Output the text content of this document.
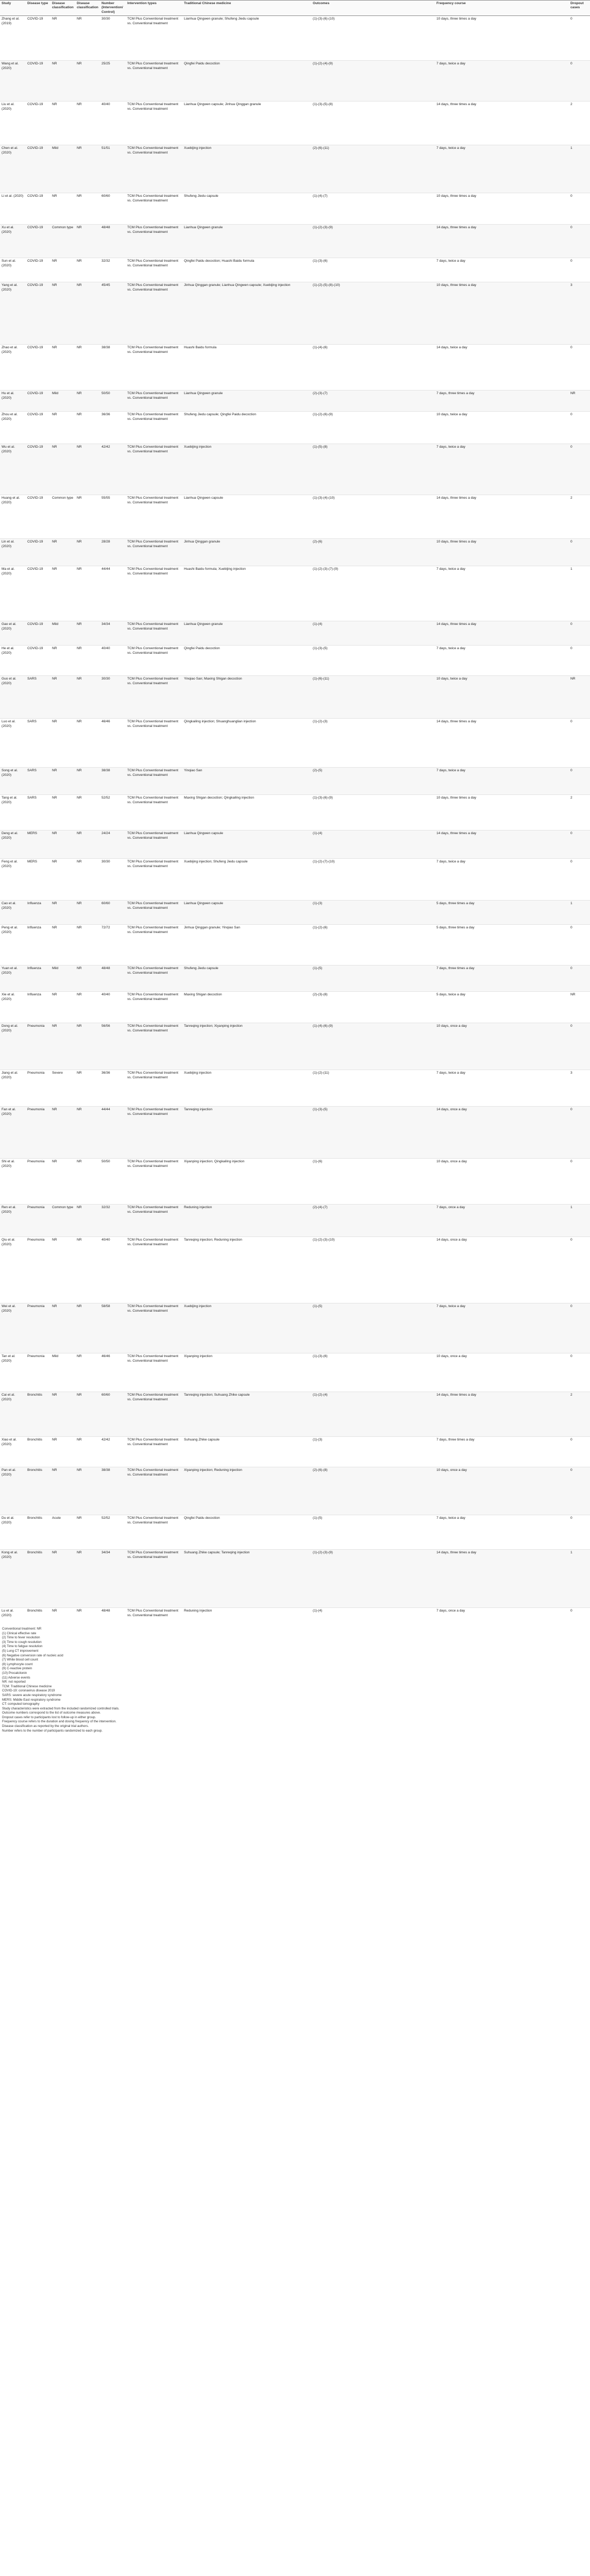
Study	Disease type	Disease classification	Disease classification	Number (Intervention/Control)	Intervention types	Traditional Chinese medicine	Outcomes	Frequency course	Dropout cases
Zhang et al. (2019)	COVID-19	NR	NR	30/30	TCM Plus Conventional treatment vs. Conventional treatment	Lianhua Qingwen granule; Shufeng Jiedu capsule	(1)-(3)-(6)-(10)	10 days, three times a day	0
Wang et al. (2020)	COVID-19	NR	NR	25/25	TCM Plus Conventional treatment vs. Conventional treatment	Qingfei Paidu decoction	(1)-(2)-(4)-(9)	7 days, twice a day	0
Liu et al. (2020)	COVID-19	NR	NR	40/40	TCM Plus Conventional treatment vs. Conventional treatment	Lianhua Qingwen capsule; Jinhua Qinggan granule	(1)-(3)-(5)-(8)	14 days, three times a day	2
Chen et al. (2020)	COVID-19	Mild	NR	51/51	TCM Plus Conventional treatment vs. Conventional treatment	Xuebijing injection	(2)-(6)-(11)	7 days, twice a day	1
Li et al. (2020)	COVID-19	NR	NR	60/60	TCM Plus Conventional treatment vs. Conventional treatment	Shufeng Jiedu capsule	(1)-(4)-(7)	10 days, three times a day	0
Xu et al. (2020)	COVID-19	Common type	NR	48/48	TCM Plus Conventional treatment vs. Conventional treatment	Lianhua Qingwen granule	(1)-(2)-(3)-(9)	14 days, three times a day	0
Sun et al. (2020)	COVID-19	NR	NR	32/32	TCM Plus Conventional treatment vs. Conventional treatment	Qingfei Paidu decoction; Huashi Baidu formula	(1)-(3)-(6)	7 days, twice a day	0
Yang et al. (2020)	COVID-19	NR	NR	45/45	TCM Plus Conventional treatment vs. Conventional treatment	Jinhua Qinggan granule; Lianhua Qingwen capsule; Xuebijing injection	(1)-(2)-(5)-(8)-(10)	10 days, three times a day	3
Zhao et al. (2020)	COVID-19	NR	NR	38/38	TCM Plus Conventional treatment vs. Conventional treatment	Huashi Baidu formula	(1)-(4)-(6)	14 days, twice a day	0
Hu et al. (2020)	COVID-19	Mild	NR	50/50	TCM Plus Conventional treatment vs. Conventional treatment	Lianhua Qingwen granule	(2)-(3)-(7)	7 days, three times a day	NR
Zhou et al. (2020)	COVID-19	NR	NR	36/36	TCM Plus Conventional treatment vs. Conventional treatment	Shufeng Jiedu capsule; Qingfei Paidu decoction	(1)-(2)-(6)-(9)	10 days, twice a day	0
Wu et al. (2020)	COVID-19	NR	NR	42/42	TCM Plus Conventional treatment vs. Conventional treatment	Xuebijing injection	(1)-(5)-(8)	7 days, twice a day	0
Huang et al. (2020)	COVID-19	Common type	NR	55/55	TCM Plus Conventional treatment vs. Conventional treatment	Lianhua Qingwen capsule	(1)-(3)-(4)-(10)	14 days, three times a day	2
Lin et al. (2020)	COVID-19	NR	NR	28/28	TCM Plus Conventional treatment vs. Conventional treatment	Jinhua Qinggan granule	(2)-(6)	10 days, three times a day	0
Ma et al. (2020)	COVID-19	NR	NR	44/44	TCM Plus Conventional treatment vs. Conventional treatment	Huashi Baidu formula; Xuebijing injection	(1)-(2)-(3)-(7)-(9)	7 days, twice a day	1
Gao et al. (2020)	COVID-19	Mild	NR	34/34	TCM Plus Conventional treatment vs. Conventional treatment	Lianhua Qingwen granule	(1)-(4)	14 days, three times a day	0
He et al. (2020)	COVID-19	NR	NR	40/40	TCM Plus Conventional treatment vs. Conventional treatment	Qingfei Paidu decoction	(1)-(3)-(5)	7 days, twice a day	0
Guo et al. (2020)	SARS	NR	NR	30/30	TCM Plus Conventional treatment vs. Conventional treatment	Yinqiao San; Maxing Shigan decoction	(1)-(6)-(11)	10 days, twice a day	NR
Luo et al. (2020)	SARS	NR	NR	46/46	TCM Plus Conventional treatment vs. Conventional treatment	Qingkailing injection; Shuanghuanglian injection	(1)-(2)-(3)	14 days, three times a day	0
Song et al. (2020)	SARS	NR	NR	38/38	TCM Plus Conventional treatment vs. Conventional treatment	Yinqiao San	(2)-(5)	7 days, twice a day	0
Tang et al. (2020)	SARS	NR	NR	52/52	TCM Plus Conventional treatment vs. Conventional treatment	Maxing Shigan decoction; Qingkailing injection	(1)-(3)-(6)-(9)	10 days, three times a day	2
Deng et al. (2020)	MERS	NR	NR	24/24	TCM Plus Conventional treatment vs. Conventional treatment	Lianhua Qingwen capsule	(1)-(4)	14 days, three times a day	0
Feng et al. (2020)	MERS	NR	NR	30/30	TCM Plus Conventional treatment vs. Conventional treatment	Xuebijing injection; Shufeng Jiedu capsule	(1)-(2)-(7)-(10)	7 days, twice a day	0
Cao et al. (2020)	Influenza	NR	NR	60/60	TCM Plus Conventional treatment vs. Conventional treatment	Lianhua Qingwen capsule	(1)-(3)	5 days, three times a day	1
Peng et al. (2020)	Influenza	NR	NR	72/72	TCM Plus Conventional treatment vs. Conventional treatment	Jinhua Qinggan granule; Yinqiao San	(1)-(2)-(6)	5 days, three times a day	0
Yuan et al. (2020)	Influenza	Mild	NR	48/48	TCM Plus Conventional treatment vs. Conventional treatment	Shufeng Jiedu capsule	(1)-(5)	7 days, three times a day	0
Xie et al. (2020)	Influenza	NR	NR	40/40	TCM Plus Conventional treatment vs. Conventional treatment	Maxing Shigan decoction	(2)-(3)-(8)	5 days, twice a day	NR
Dong et al. (2020)	Pneumonia	NR	NR	56/56	TCM Plus Conventional treatment vs. Conventional treatment	Tanreqing injection; Xiyanping injection	(1)-(4)-(6)-(9)	10 days, once a day	0
Jiang et al. (2020)	Pneumonia	Severe	NR	36/36	TCM Plus Conventional treatment vs. Conventional treatment	Xuebijing injection	(1)-(2)-(11)	7 days, twice a day	3
Fan et al. (2020)	Pneumonia	NR	NR	44/44	TCM Plus Conventional treatment vs. Conventional treatment	Tanreqing injection	(1)-(3)-(5)	14 days, once a day	0
Shi et al. (2020)	Pneumonia	NR	NR	50/50	TCM Plus Conventional treatment vs. Conventional treatment	Xiyanping injection; Qingkailing injection	(1)-(6)	10 days, once a day	0
Ren et al. (2020)	Pneumonia	Common type	NR	32/32	TCM Plus Conventional treatment vs. Conventional treatment	Reduning injection	(2)-(4)-(7)	7 days, once a day	1
Qiu et al. (2020)	Pneumonia	NR	NR	40/40	TCM Plus Conventional treatment vs. Conventional treatment	Tanreqing injection; Reduning injection	(1)-(2)-(3)-(10)	14 days, once a day	0
Wei et al. (2020)	Pneumonia	NR	NR	58/58	TCM Plus Conventional treatment vs. Conventional treatment	Xuebijing injection	(1)-(5)	7 days, twice a day	0
Tan et al. (2020)	Pneumonia	Mild	NR	46/46	TCM Plus Conventional treatment vs. Conventional treatment	Xiyanping injection	(1)-(3)-(6)	10 days, once a day	0
Cai et al. (2020)	Bronchitis	NR	NR	60/60	TCM Plus Conventional treatment vs. Conventional treatment	Tanreqing injection; Suhuang Zhike capsule	(1)-(2)-(4)	14 days, three times a day	2
Xiao et al. (2020)	Bronchitis	NR	NR	42/42	TCM Plus Conventional treatment vs. Conventional treatment	Suhuang Zhike capsule	(1)-(3)	7 days, three times a day	0
Pan et al. (2020)	Bronchitis	NR	NR	38/38	TCM Plus Conventional treatment vs. Conventional treatment	Xiyanping injection; Reduning injection	(2)-(6)-(8)	10 days, once a day	0
Du et al. (2020)	Bronchitis	Acute	NR	52/52	TCM Plus Conventional treatment vs. Conventional treatment	Qingfei Paidu decoction	(1)-(5)	7 days, twice a day	0
Kong et al. (2020)	Bronchitis	NR	NR	34/34	TCM Plus Conventional treatment vs. Conventional treatment	Suhuang Zhike capsule; Tanreqing injection	(1)-(2)-(3)-(9)	14 days, three times a day	1
Lu et al. (2020)	Bronchitis	NR	NR	48/48	TCM Plus Conventional treatment vs. Conventional treatment	Reduning injection	(1)-(4)	7 days, once a day	0
Conventional treatment: NR
(1) Clinical effective rate
(2) Time to fever resolution
(3) Time to cough resolution
(4) Time to fatigue resolution
(5) Lung CT improvement
(6) Negative conversion rate of nucleic acid
(7) White blood cell count
(8) Lymphocyte count
(9) C-reactive protein
(10) Procalcitonin
(11) Adverse events
NR: not reported
TCM: Traditional Chinese medicine
COVID-19: coronavirus disease 2019
SARS: severe acute respiratory syndrome
MERS: Middle East respiratory syndrome
CT: computed tomography
Study characteristics were extracted from the included randomized controlled trials.
Outcome numbers correspond to the list of outcome measures above.
Dropout cases refer to participants lost to follow-up in either group.
Frequency course refers to the duration and dosing frequency of the intervention.
Disease classification as reported by the original trial authors.
Number refers to the number of participants randomized to each group.
